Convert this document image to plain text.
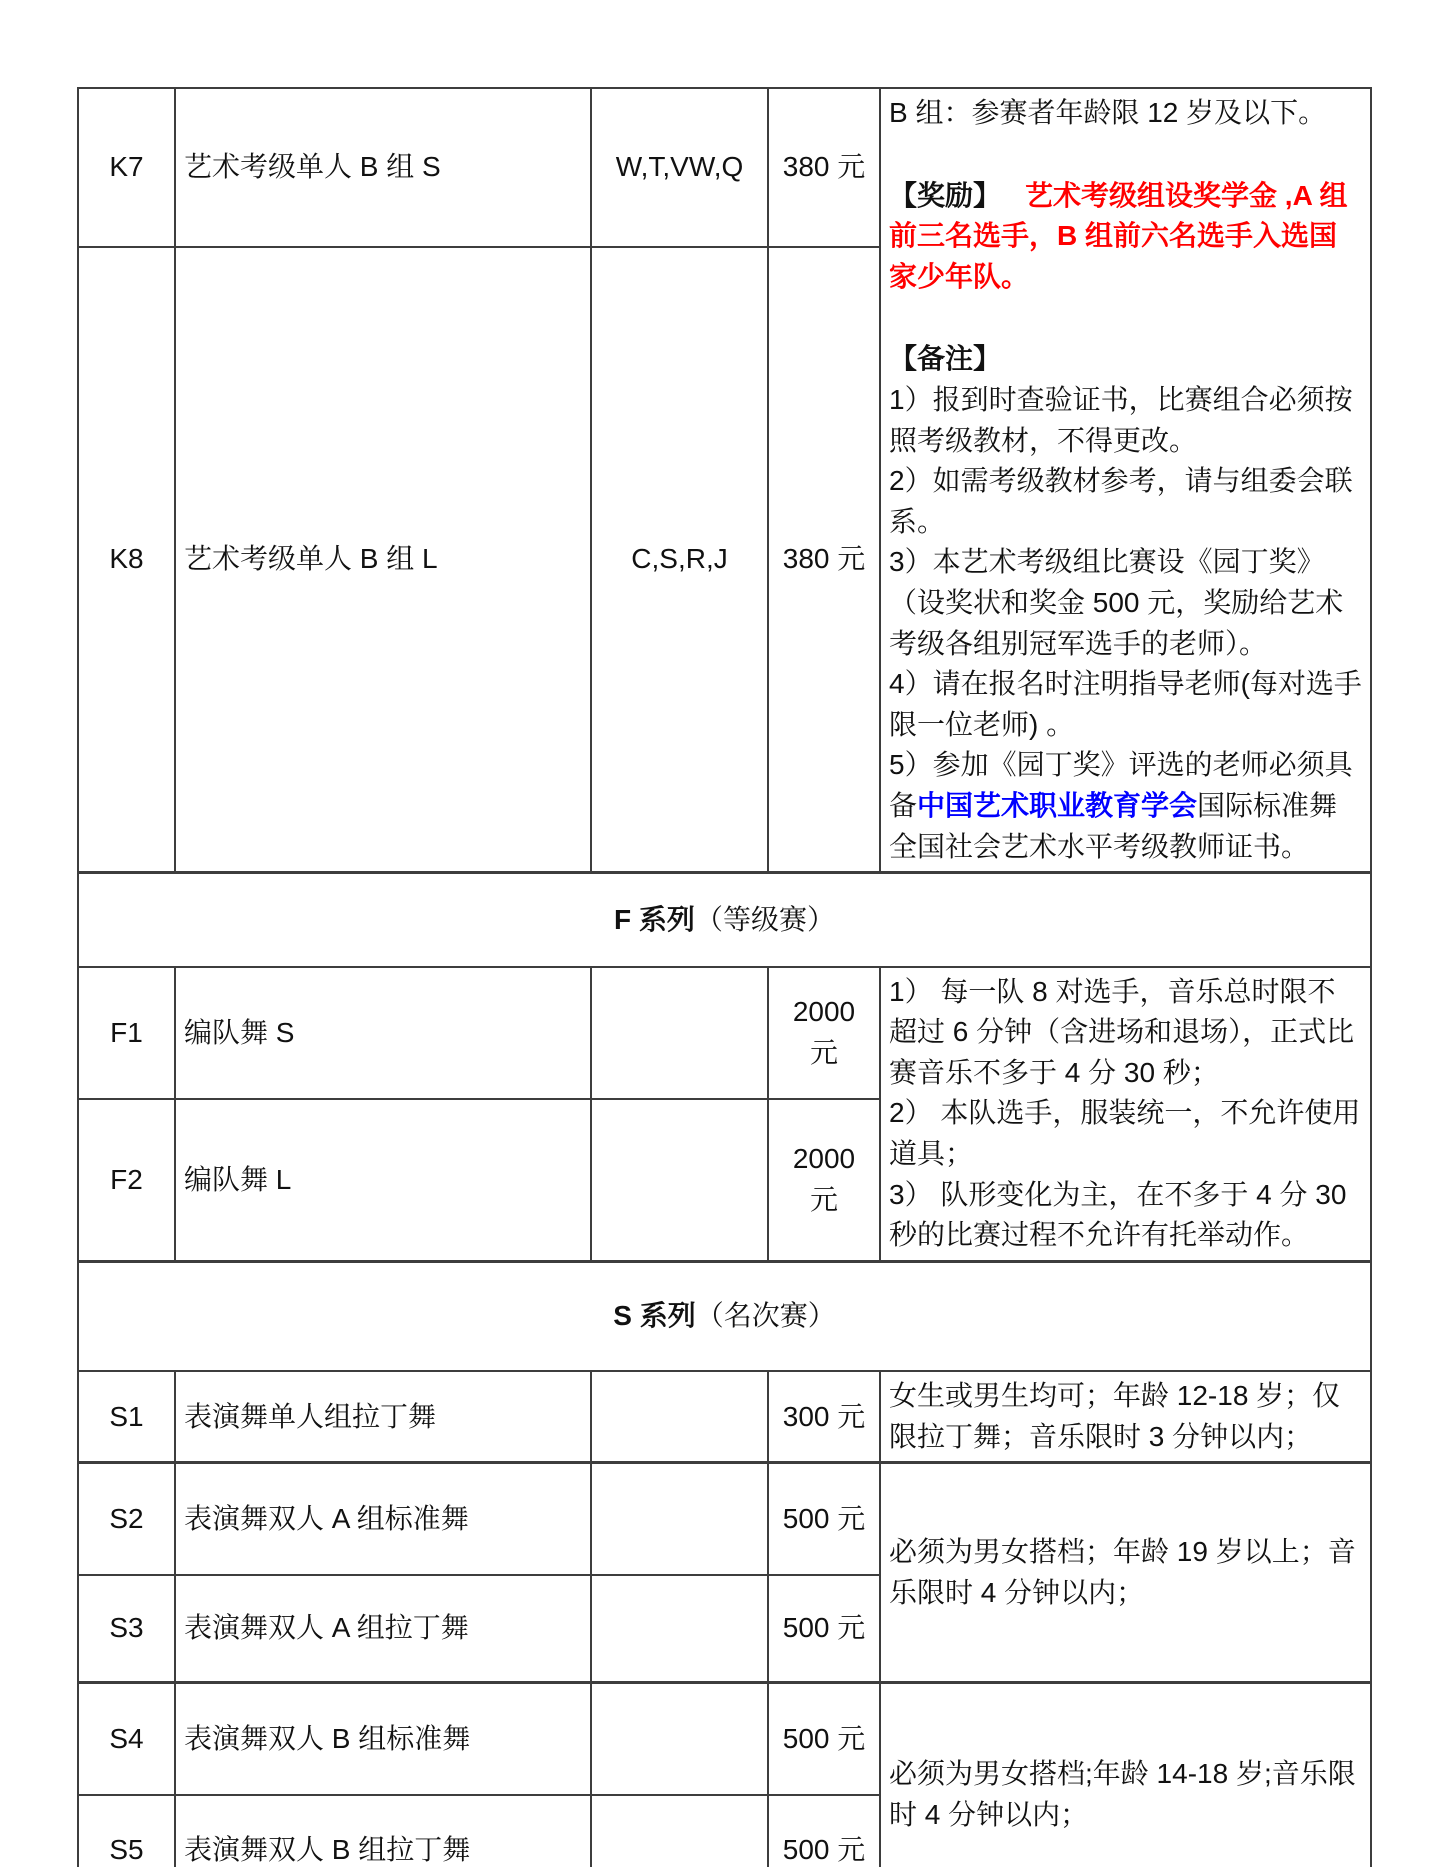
K7	艺术考级单人 B 组 S	W,T,VW,Q	380 元	

B 组：参赛者年龄限 12 岁及以下。

【奖励】 艺术考级组设奖学金 ,A 组前三名选手，B 组前六名选手入选国家少年队。

【备注】

1）报到时查验证书，比赛组合必须按照考级教材，不得更改。

2）如需考级教材参考，请与组委会联系。

3）本艺术考级组比赛设《园丁奖》（设奖状和奖金 500 元，奖励给艺术考级各组别冠军选手的老师）。

4）请在报名时注明指导老师(每对选手限一位老师) 。

5）参加《园丁奖》评选的老师必须具备中国艺术职业教育学会国际标准舞全国社会艺术水平考级教师证书。

K8	艺术考级单人 B 组 L	C,S,R,J	380 元	
F 系列（等级赛）				
F1	编队舞 S		2000 元	1） 每一队 8 对选手，音乐总时限不超过 6 分钟（含进场和退场），正式比赛音乐不多于 4 分 30 秒；

2） 本队选手，服装统一，不允许使用道具；

3） 队形变化为主，在不多于 4 分 30 秒的比赛过程不允许有托举动作。

F2	编队舞 L		2000 元	
S 系列（名次赛）				
S1	表演舞单人组拉丁舞		300 元	女生或男生均可；年龄 12-18 岁；仅限拉丁舞；音乐限时 3 分钟以内；
S2	表演舞双人 A 组标准舞		500 元	必须为男女搭档；年龄 19 岁以上；音乐限时 4 分钟以内；
S3	表演舞双人 A 组拉丁舞		500 元	
S4	表演舞双人 B 组标准舞		500 元	必须为男女搭档;年龄 14-18 岁;音乐限时 4 分钟以内；
S5	表演舞双人 B 组拉丁舞		500 元	
